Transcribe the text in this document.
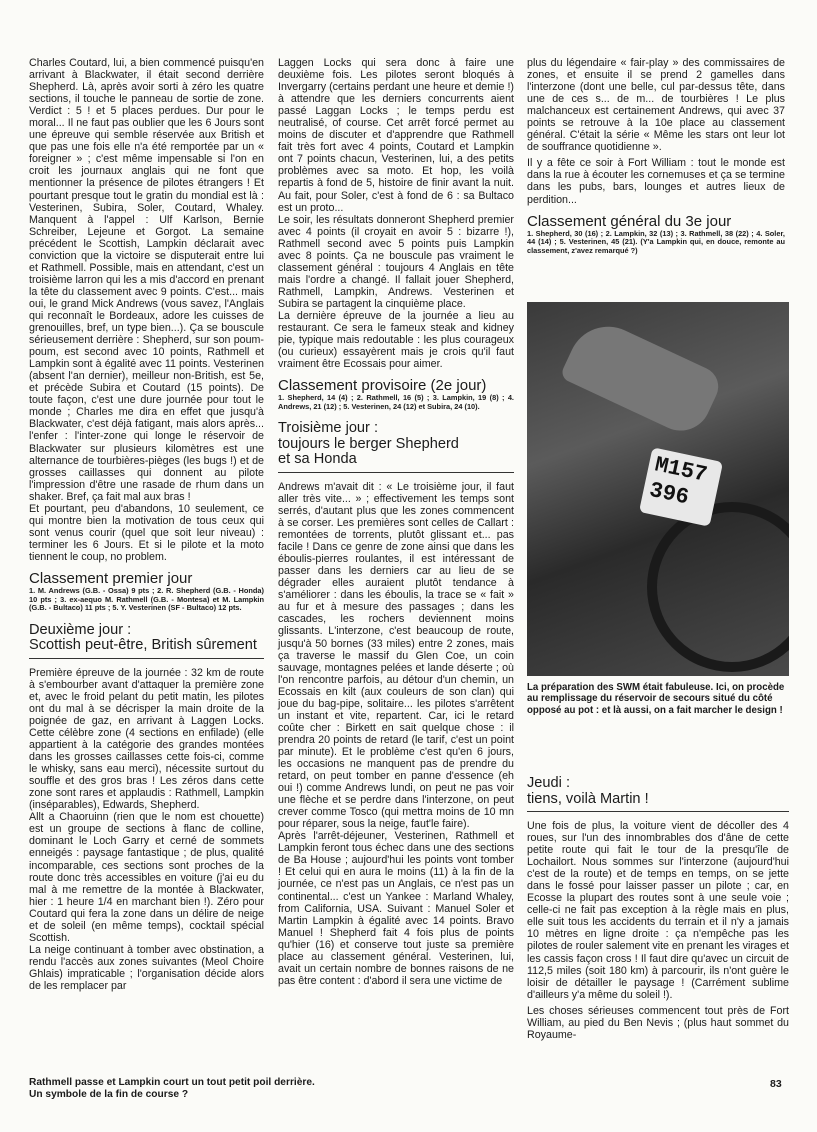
Charles Coutard, lui, a bien commencé puisqu'en arrivant à Blackwater, il était second derrière Shepherd. Là, après avoir sorti à zéro les quatre sections, il touche le panneau de sortie de zone. Verdict : 5 ! et 5 places perdues. Dur pour le moral... Il ne faut pas oublier que les 6 Jours sont une épreuve qui semble réservée aux British et que pas une fois elle n'a été remportée par un « foreigner » ; c'est même impensable si l'on en croit les journaux anglais qui ne font que mentionner la présence de pilotes étrangers ! Et pourtant presque tout le gratin du mondial est là : Vesterinen, Subira, Soler, Coutard, Whaley. Manquent à l'appel : Ulf Karlson, Bernie Schreiber, Lejeune et Gorgot. La semaine précédent le Scottish, Lampkin déclarait avec conviction que la victoire se disputerait entre lui et Rathmell. Possible, mais en attendant, c'est un troisième larron qui les a mis d'accord en prenant la tête du classement avec 9 points. C'est... mais oui, le grand Mick Andrews (vous savez, l'Anglais qui reconnaît le Bordeaux, adore les cuisses de grenouilles, bref, un type bien...). Ça se bouscule sérieusement derrière : Shepherd, sur son poum-poum, est second avec 10 points, Rathmell et Lampkin sont à égalité avec 11 points. Vesterinen (absent l'an dernier), meilleur non-British, est 5e, et précède Subira et Coutard (15 points). De toute façon, c'est une dure journée pour tout le monde ; Charles me dira en effet que jusqu'à Blackwater, c'est déjà fatigant, mais alors après... l'enfer : l'inter-zone qui longe le réservoir de Blackwater sur plusieurs kilomètres est une alternance de tourbières-pièges (les bugs !) et de grosses caillasses qui donnent au pilote l'impression d'être une rasade de rhum dans un shaker. Bref, ça fait mal aux bras !

Et pourtant, peu d'abandons, 10 seulement, ce qui montre bien la motivation de tous ceux qui sont venus courir (quel que soit leur niveau) : terminer les 6 Jours. Et si le pilote et la moto tiennent le coup, no problem.

Classement premier jour

1. M. Andrews (G.B. - Ossa) 9 pts ; 2. R. Shepherd (G.B. - Honda) 10 pts ; 3. ex-aequo M. Rathmell (G.B. - Montesa) et M. Lampkin (G.B. - Bultaco) 11 pts ; 5. Y. Vesterinen (SF - Bultaco) 12 pts.

Deuxième jour :
Scottish peut-être, British sûrement

Première épreuve de la journée : 32 km de route à s'embourber avant d'attaquer la première zone et, avec le froid pelant du petit matin, les pilotes ont du mal à se décrisper la main droite de la poignée de gaz, en arrivant à Laggen Locks. Cette célèbre zone (4 sections en enfilade) (elle appartient à la catégorie des grandes montées dans les grosses caillasses cette fois-ci, comme le whisky, sans eau merci), nécessite surtout du souffle et des gros bras ! Les zéros dans cette zone sont rares et applaudis : Rathmell, Lampkin (inséparables), Edwards, Shepherd.

Allt a Chaoruinn (rien que le nom est chouette) est un groupe de sections à flanc de colline, dominant le Loch Garry et cerné de sommets enneigés : paysage fantastique ; de plus, qualité incomparable, ces sections sont proches de la route donc très accessibles en voiture (j'ai eu du mal à me remettre de la montée à Blackwater, hier : 1 heure 1/4 en marchant bien !). Zéro pour Coutard qui fera la zone dans un délire de neige et de soleil (en même temps), cocktail spécial Scottish.

La neige continuant à tomber avec obstination, a rendu l'accès aux zones suivantes (Meol Choire Ghlais) impraticable ; l'organisation décide alors de les remplacer par

Laggen Locks qui sera donc à faire une deuxième fois. Les pilotes seront bloqués à Invergarry (certains perdant une heure et demie !) à attendre que les derniers concurrents aient passé Laggan Locks ; le temps perdu est neutralisé, of course. Cet arrêt forcé permet au moins de discuter et d'apprendre que Rathmell fait très fort avec 4 points, Coutard et Lampkin ont 7 points chacun, Vesterinen, lui, a des petits problèmes avec sa moto. Et hop, les voilà repartis à fond de 5, histoire de finir avant la nuit. Au fait, pour Soler, c'est à fond de 6 : sa Bultaco est un proto...

Le soir, les résultats donneront Shepherd premier avec 4 points (il croyait en avoir 5 : bizarre !), Rathmell second avec 5 points puis Lampkin avec 8 points. Ça ne bouscule pas vraiment le classement général : toujours 4 Anglais en tête mais l'ordre a changé. Il fallait jouer Shepherd, Rathmell, Lampkin, Andrews. Vesterinen et Subira se partagent la cinquième place.

La dernière épreuve de la journée a lieu au restaurant. Ce sera le fameux steak and kidney pie, typique mais redoutable : les plus courageux (ou curieux) essayèrent mais je crois qu'il faut vraiment être Ecossais pour aimer.

Classement provisoire (2e jour)

1. Shepherd, 14 (4) ; 2. Rathmell, 16 (5) ; 3. Lampkin, 19 (8) ; 4. Andrews, 21 (12) ; 5. Vesterinen, 24 (12) et Subira, 24 (10).

Troisième jour :
toujours le berger Shepherd
et sa Honda

Andrews m'avait dit : « Le troisième jour, il faut aller très vite... » ; effectivement les temps sont serrés, d'autant plus que les zones commencent à se corser. Les premières sont celles de Callart : remontées de torrents, plutôt glissant et... pas facile ! Dans ce genre de zone ainsi que dans les éboulis-pierres roulantes, il est intéressant de passer dans les derniers car au lieu de se dégrader elles auraient plutôt tendance à s'améliorer : dans les éboulis, la trace se « fait » au fur et à mesure des passages ; dans les cascades, les rochers deviennent moins glissants. L'interzone, c'est beaucoup de route, jusqu'à 50 bornes (33 miles) entre 2 zones, mais ça traverse le massif du Glen Coe, un coin sauvage, montagnes pelées et lande déserte ; où l'on rencontre parfois, au détour d'un chemin, un Ecossais en kilt (aux couleurs de son clan) qui joue du bag-pipe, solitaire... les pilotes s'arrêtent un instant et vite, repartent. Car, ici le retard coûte cher : Birkett en sait quelque chose : il prendra 20 points de retard (le tarif, c'est un point par minute). Et le problème c'est qu'en 6 jours, les occasions ne manquent pas de prendre du retard, on peut tomber en panne d'essence (eh oui !) comme Andrews lundi, on peut ne pas voir une flèche et se perdre dans l'interzone, on peut crever comme Tosco (qui mettra moins de 10 mn pour réparer, sous la neige, faut'le faire).

Après l'arrêt-déjeuner, Vesterinen, Rathmell et Lampkin feront tous échec dans une des sections de Ba House ; aujourd'hui les points vont tomber ! Et celui qui en aura le moins (11) à la fin de la journée, ce n'est pas un Anglais, ce n'est pas un continental... c'est un Yankee : Marland Whaley, from California, USA. Suivant : Manuel Soler et Martin Lampkin à égalité avec 14 points. Bravo Manuel ! Shepherd fait 4 fois plus de points qu'hier (16) et conserve tout juste sa première place au classement général. Vesterinen, lui, avait un certain nombre de bonnes raisons de ne pas être content : d'abord il sera une victime de

plus du légendaire « fair-play » des commissaires de zones, et ensuite il se prend 2 gamelles dans l'interzone (dont une belle, cul par-dessus tête, dans une de ces s... de m... de tourbières ! Le plus malchanceux est certainement Andrews, qui avec 37 points se retrouve à la 10e place au classement général. C'était la série « Même les stars ont leur lot de souffrance quotidienne ».

Il y a fête ce soir à Fort William : tout le monde est dans la rue à écouter les cornemuses et ça se termine dans les pubs, bars, lounges et autres lieux de perdition...

Classement général du 3e jour

1. Shepherd, 30 (16) ; 2. Lampkin, 32 (13) ; 3. Rathmell, 38 (22) ; 4. Soler, 44 (14) ; 5. Vesterinen, 45 (21). (Y'a Lampkin qui, en douce, remonte au classement, z'avez remarqué ?)

M157
396
La préparation des SWM était fabuleuse. Ici, on procède au remplissage du réservoir de secours situé du côté opposé au pot : et là aussi, on a fait marcher le design !
Jeudi :
tiens, voilà Martin !

Une fois de plus, la voiture vient de décoller des 4 roues, sur l'un des innombrables dos d'âne de cette petite route qui fait le tour de la presqu'île de Lochailort. Nous sommes sur l'interzone (aujourd'hui c'est de la route) et de temps en temps, on se jette dans le fossé pour laisser passer un pilote ; car, en Ecosse la plupart des routes sont à une seule voie ; celle-ci ne fait pas exception à la règle mais en plus, elle suit tous les accidents du terrain et il n'y a jamais 10 mètres en ligne droite : ça n'empêche pas les pilotes de rouler salement vite en prenant les virages et les cassis façon cross ! Il faut dire qu'avec un circuit de 112,5 miles (soit 180 km) à parcourir, ils n'ont guère le loisir de détailler le paysage ! (Carrément sublime d'ailleurs y'a même du soleil !).

Les choses sérieuses commencent tout près de Fort William, au pied du Ben Nevis ; (plus haut sommet du Royaume-

Rathmell passe et Lampkin court un tout petit poil derrière.
Un symbole de la fin de course ?
83
